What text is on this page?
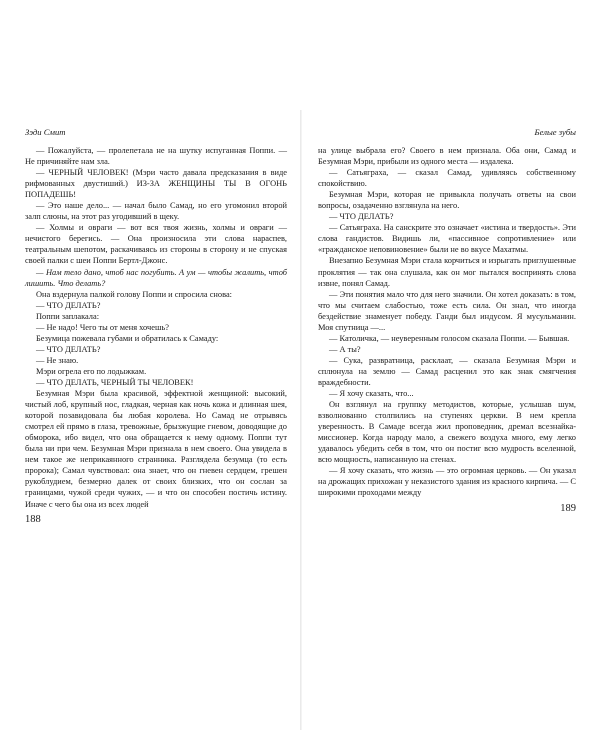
Зэди Смит

— Пожалуйста, — пролепетала не на шутку испуганная Поппи. — Не причиняйте нам зла.

— ЧЕРНЫЙ ЧЕЛОВЕК! (Мэри часто давала предсказания в виде рифмованных двустиший.) ИЗ-ЗА ЖЕНЩИНЫ ТЫ В ОГОНЬ ПОПАДЕШЬ!

— Это наше дело... — начал было Самад, но его угомонил второй залп слюны, на этот раз угодивший в щеку.

— Холмы и овраги — вот вся твоя жизнь, холмы и овраги — нечистого берегись. — Она произносила эти слова нараспев, театральным шепотом, раскачиваясь из стороны в сторону и не спуская своей палки с шеи Поппи Бертл-Джонс.

— Нам тело дано, чтоб нас погубить. А ум — чтобы жалить, чтоб лишить. Что делать?

Она вздернула палкой голову Поппи и спросила снова:

— ЧТО ДЕЛАТЬ?

Поппи заплакала:

— Не надо! Чего ты от меня хочешь?

Безумица пожевала губами и обратилась к Самаду:

— ЧТО ДЕЛАТЬ?

— Не знаю.

Мэри огрела его по лодыжкам.

— ЧТО ДЕЛАТЬ, ЧЕРНЫЙ ТЫ ЧЕЛОВЕК!

Безумная Мэри была красивой, эффектной женщиной: высокий, чистый лоб, крупный нос, гладкая, черная как ночь кожа и длинная шея, которой позавидовала бы любая королева. Но Самад не отрывясь смотрел ей прямо в глаза, тревожные, брызжущие гневом, доводящие до обморока, ибо видел, что она обращается к нему одному. Поппи тут была ни при чем. Безумная Мэри признала в нем своего. Она увидела в нем такое же неприкаянного странника. Разглядела безумца (то есть пророка); Самал чувствовал: она знает, что он гневен сердцем, грешен рукоблудием, безмерно далек от своих близких, что он сослан за границами, чужой среди чужих, — и что он способен постичь истину. Иначе с чего бы она из всех людей

188
Белые зубы

на улице выбрала его? Своего в нем признала. Оба они, Самад и Безумная Мэри, прибыли из одного места — издалека.

— Сатьяграха, — сказал Самад, удивляясь собственному спокойствию.

Безумная Мэри, которая не привыкла получать ответы на свои вопросы, озадаченно взглянула на него.

— ЧТО ДЕЛАТЬ?

— Сатьяграха. На санскрите это означает «истина и твердость». Эти слова гандистов. Видишь ли, «пассивное сопротивление» или «гражданское неповиновение» были не во вкусе Махатмы.

Внезапно Безумная Мэри стала корчиться и изрыгать приглушенные проклятия — так она слушала, как он мог пытался воспринять слова извне, понял Самад.

— Эти понятия мало что для него значили. Он хотел доказать: в том, что мы считаем слабостью, тоже есть сила. Он знал, что иногда бездействие знаменует победу. Ганди был индусом. Я мусульманин. Моя спутница —...

— Католичка, — неуверенным голосом сказала Поппи. — Бывшая.

— А ты?

— Сука, развратница, расклаат, — сказала Безумная Мэри и сплюнула на землю — Самад расценил это как знак смягчения враждебности.

— Я хочу сказать, что...

Он взглянул на группку методистов, которые, услышав шум, взволнованно столпились на ступенях церкви. В нем крепла уверенность. В Самаде всегда жил проповедник, дремал всезнайка-миссионер. Когда народу мало, а свежего воздуха много, ему легко удавалось убедить себя в том, что он постиг всю мудрость вселенной, всю мощность, написанную на стенах.

— Я хочу сказать, что жизнь — это огромная церковь. — Он указал на дрожащих прихожан у неказистого здания из красного кирпича. — С широкими проходами между

189
